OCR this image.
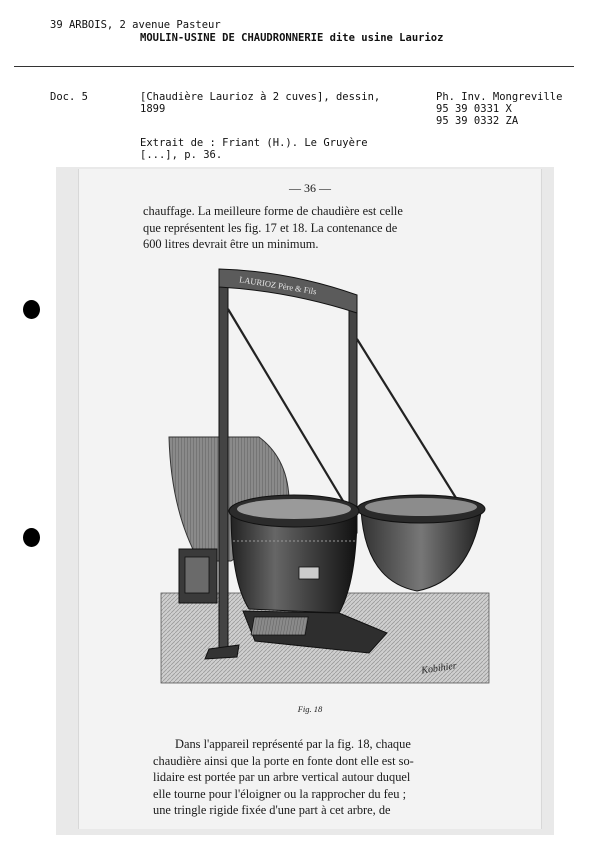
39 ARBOIS, 2 avenue Pasteur
MOULIN-USINE DE CHAUDRONNERIE dite usine Laurioz
Doc. 5	[Chaudière Laurioz à 2 cuves], dessin,
1899
Ph. Inv. Mongreville
95 39 0331 X
95 39 0332 ZA
Extrait de : Friant (H.). Le Gruyère
[...], p. 36.
— 36 —
chauffage. La meilleure forme de chaudière est celle
que représentent les fig. 17 et 18. La contenance de
600 litres devrait être un minimum.
LAURIOZ Père & Fils
Kobihier
Fig. 18
Dans l'appareil représenté par la fig. 18, chaque
chaudière ainsi que la porte en fonte dont elle est so-
lidaire est portée par un arbre vertical autour duquel
elle tourne pour l'éloigner ou la rapprocher du feu ;
une tringle rigide fixée d'une part à cet arbre, de
